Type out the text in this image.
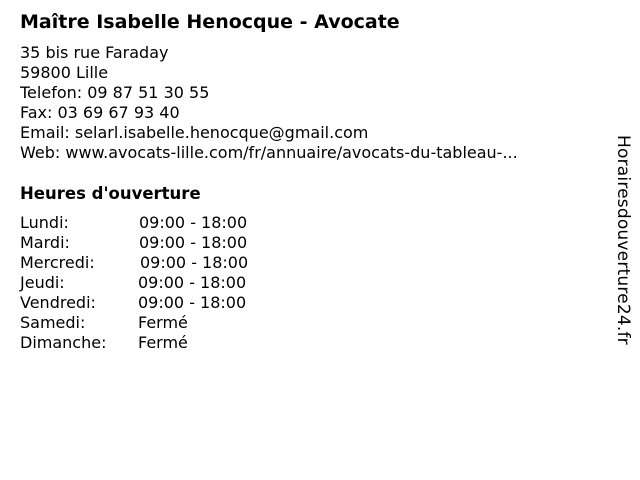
Maître Isabelle Henocque - Avocate
35 bis rue Faraday
59800 Lille
Telefon: 09 87 51 30 55
Fax: 03 69 67 93 40
Email: selarl.isabelle.henocque@gmail.com
Web: www.avocats-lille.com/fr/annuaire/avocats-du-tableau-...
Heures d'ouverture
Lundi:	09:00 - 18:00
Mardi:	09:00 - 18:00
Mercredi:	09:00 - 18:00
Jeudi:	09:00 - 18:00
Vendredi:	09:00 - 18:00
Samedi:	Fermé
Dimanche: Fermé	Horairesdouverture24.fr
